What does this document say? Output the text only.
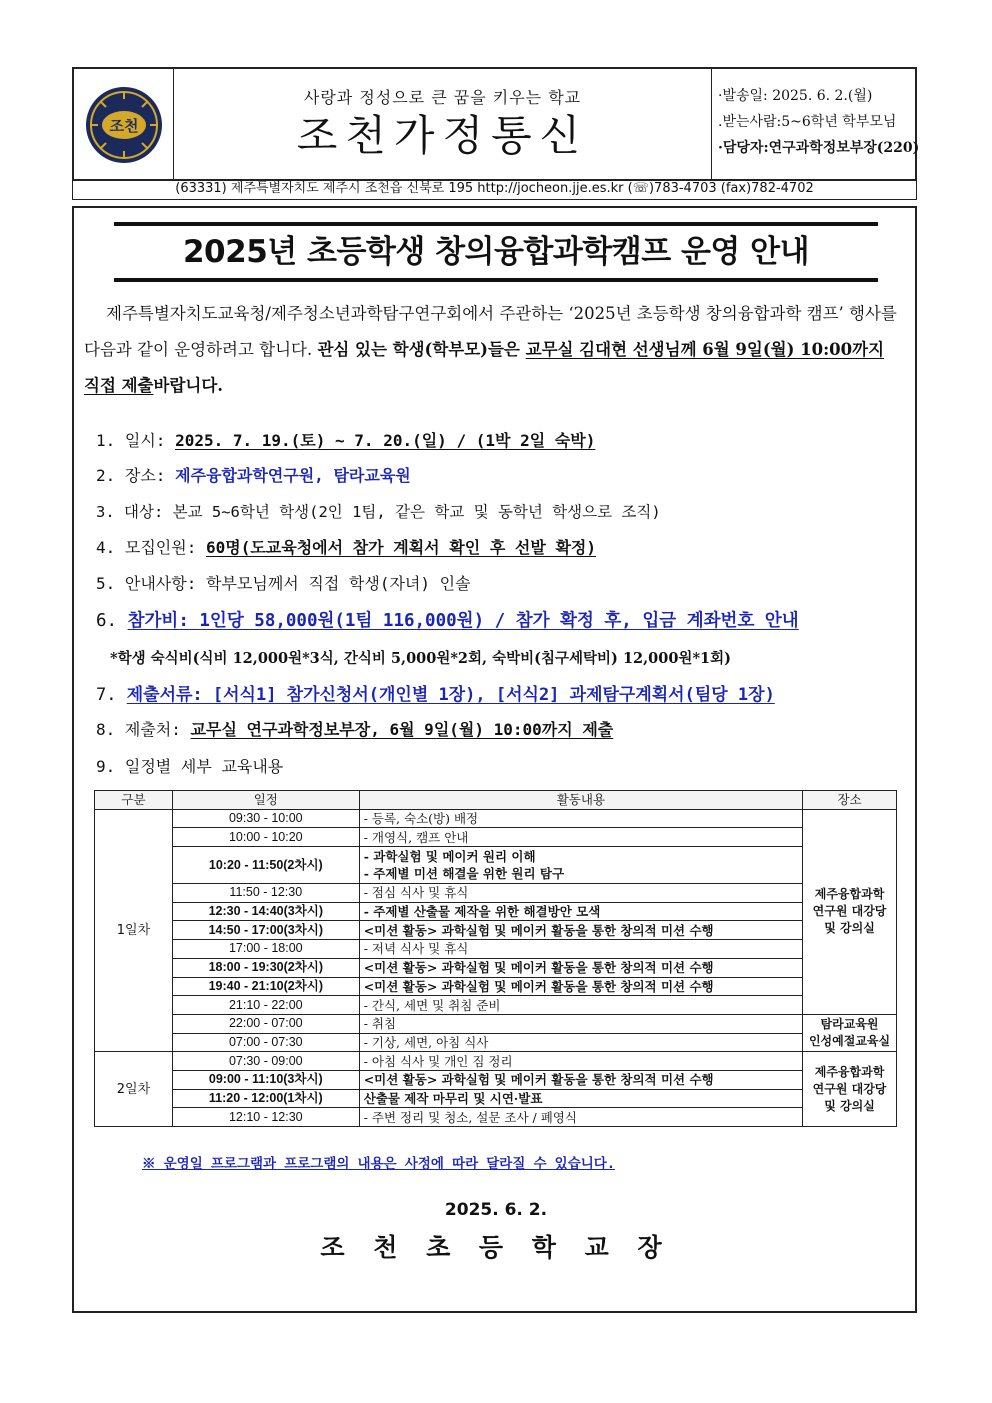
조천
사랑과 정성으로 큰 꿈을 키우는 학교
조천가정통신
·발송일: 2025. 6. 2.(월)
.받는사람:5~6학년 학부모님
·담당자:연구과학정보부장(220)
(63331) 제주특별자치도 제주시 조천읍 신북로 195 http://jocheon.jje.es.kr (☏)783-4703 (fax)782-4702
2025년 초등학생 창의융합과학캠프 운영 안내
제주특별자치도교육청/제주청소년과학탐구연구회에서 주관하는 ‘2025년 초등학생 창의융합과학 캠프’ 행사를 다음과 같이 운영하려고 합니다. 관심 있는 학생(학부모)들은 교무실 김대현 선생님께 6월 9일(월) 10:00까지 직접 제출바랍니다.
1. 일시: 2025. 7. 19.(토) ~ 7. 20.(일) / (1박 2일 숙박)
2. 장소: 제주융합과학연구원, 탐라교육원
3. 대상: 본교 5~6학년 학생(2인 1팀, 같은 학교 및 동학년 학생으로 조직)
4. 모집인원: 60명(도교육청에서 참가 계획서 확인 후 선발 확정)
5. 안내사항: 학부모님께서 직접 학생(자녀) 인솔
6. 참가비: 1인당 58,000원(1팀 116,000원) / 참가 확정 후, 입금 계좌번호 안내
*학생 숙식비(식비 12,000원*3식, 간식비 5,000원*2회, 숙박비(침구세탁비) 12,000원*1회)
7. 제출서류: [서식1] 참가신청서(개인별 1장), [서식2] 과제탐구계획서(팀당 1장)
8. 제출처: 교무실 연구과학정보부장, 6월 9일(월) 10:00까지 제출
9. 일정별 세부 교육내용
구분	일정	활동내용	장소
1일차	09:30 - 10:00	- 등록, 숙소(방) 배정	제주융합과학
연구원 대강당
및 강의실

	10:00 - 10:20	- 개영식, 캠프 안내	
	10:20 - 11:50(2차시)	- 과학실험 및 메이커 원리 이해
- 주제별 미션 해결을 위한 원리 탐구	

	11:50 - 12:30	- 점심 식사 및 휴식	
	12:30 - 14:40(3차시)	- 주제별 산출물 제작을 위한 해결방안 모색	
	14:50 - 17:00(3차시)	<미션 활동> 과학실험 및 메이커 활동을 통한 창의적 미션 수행	
	17:00 - 18:00	- 저녁 식사 및 휴식	
	18:00 - 19:30(2차시)	<미션 활동> 과학실험 및 메이커 활동을 통한 창의적 미션 수행	
	19:40 - 21:10(2차시)	<미션 활동> 과학실험 및 메이커 활동을 통한 창의적 미션 수행	
	21:10 - 22:00	- 간식, 세면 및 취침 준비	
	22:00 - 07:00	- 취침	탐라교육원
인성예절교육실

	07:00 - 07:30	- 기상, 세면, 아침 식사	
2일차	07:30 - 09:00	- 아침 식사 및 개인 짐 정리	제주융합과학
연구원 대강당
및 강의실

	09:00 - 11:10(3차시)	<미션 활동> 과학실험 및 메이커 활동을 통한 창의적 미션 수행	
	11:20 - 12:00(1차시)	산출물 제작 마무리 및 시연·발표	
	12:10 - 12:30	- 주변 정리 및 청소, 설문 조사 / 폐영식	
※ 운영일 프로그램과 프로그램의 내용은 사정에 따라 달라질 수 있습니다.
2025. 6. 2.
조 천 초 등 학 교 장
